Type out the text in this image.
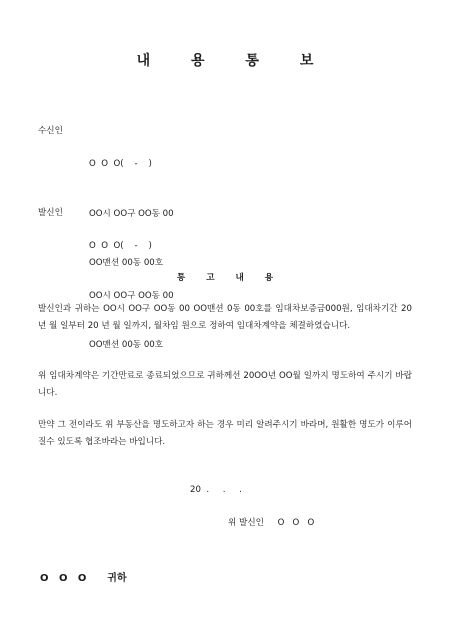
내 용 통 보
수신인

O  O  O(    -    )

OO시 OO구 OO동 00

OO맨션 00동 00호

발신인

O  O  O(    -    )

OO시 OO구 OO동 00

OO맨션 00동 00호

통 고 내 용
발신인과 귀하는 OO시 OO구 OO동 00 OO맨션 0동 00호를 임대차보증금000원, 임대차기간 20 년 월 일부터 20 년 월 일까지, 월차임 원으로 정하여 임대차계약을 체결하였습니다.
위 임대차계약은 기간만료로 종료되었으므로 귀하께선 20OO년 OO월 일까지 명도하여 주시기 바랍니다.
만약 그 전이라도 위 부동산을 명도하고자 하는 경우 미리 알려주시기 바라며, 원활한 명도가 이루어질수 있도록 협조바라는 바입니다.
20  .     .     .
위 발신인     O   O   O
O   O   O      귀하
